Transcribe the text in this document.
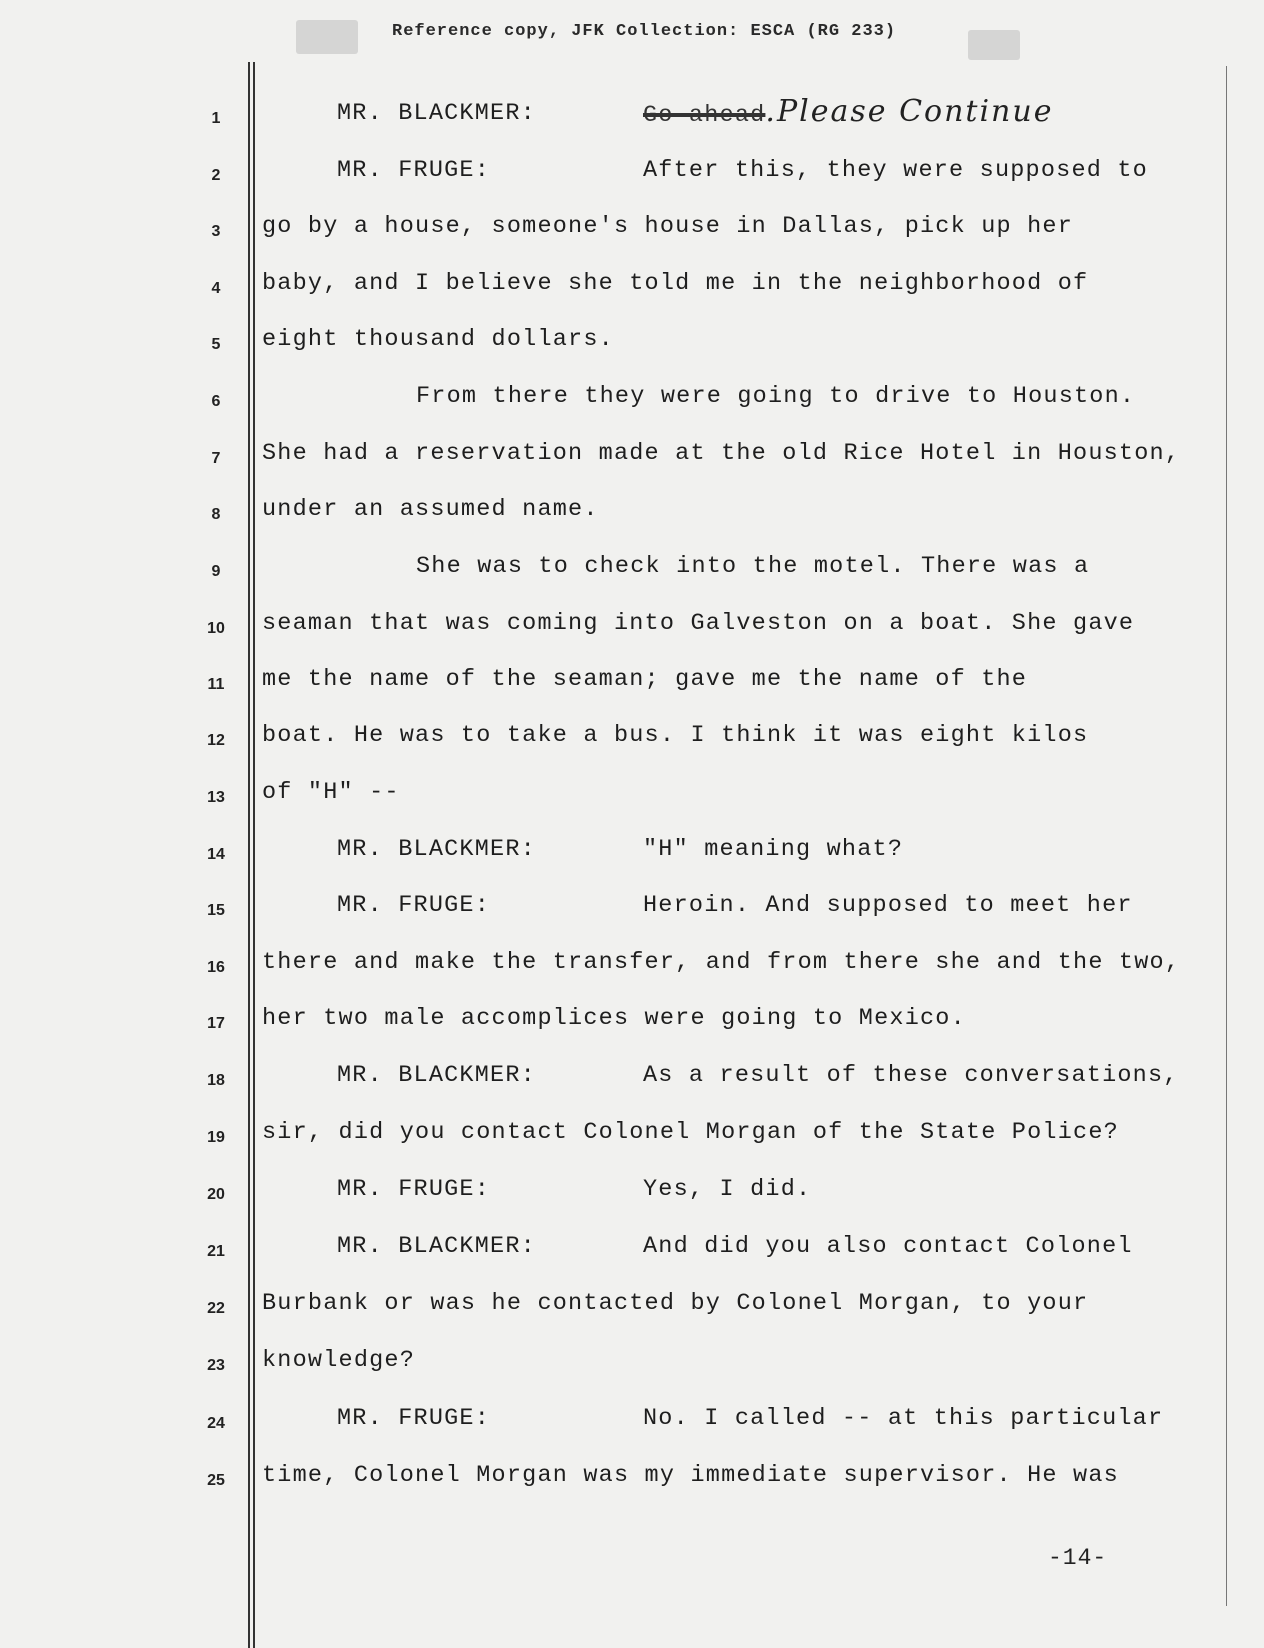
Reference copy, JFK Collection: ESCA (RG 233)
1	MR. BLACKMER:	Go ahead.Please Continue
2	MR. FRUGE:	After this, they were supposed to
3	go by a house, someone's house in Dallas, pick up her
4	baby, and I believe she told me in the neighborhood of
5	eight thousand dollars.
6	From there they were going to drive to Houston.
7	She had a reservation made at the old Rice Hotel in Houston,
8	under an assumed name.
9	She was to check into the motel. There was a
10	seaman that was coming into Galveston on a boat. She gave
11	me the name of the seaman; gave me the name of the
12	boat. He was to take a bus. I think it was eight kilos
13	of "H" --
14	MR. BLACKMER:	"H" meaning what?
15	MR. FRUGE:	Heroin. And supposed to meet her
16	there and make the transfer, and from there she and the two,
17	her two male accomplices were going to Mexico.
18	MR. BLACKMER:	As a result of these conversations,
19	sir, did you contact Colonel Morgan of the State Police?
20	MR. FRUGE:	Yes, I did.
21	MR. BLACKMER:	And did you also contact Colonel
22	Burbank or was he contacted by Colonel Morgan, to your
23	knowledge?
24	MR. FRUGE:	No. I called -- at this particular
25	time, Colonel Morgan was my immediate supervisor. He was
-14-
